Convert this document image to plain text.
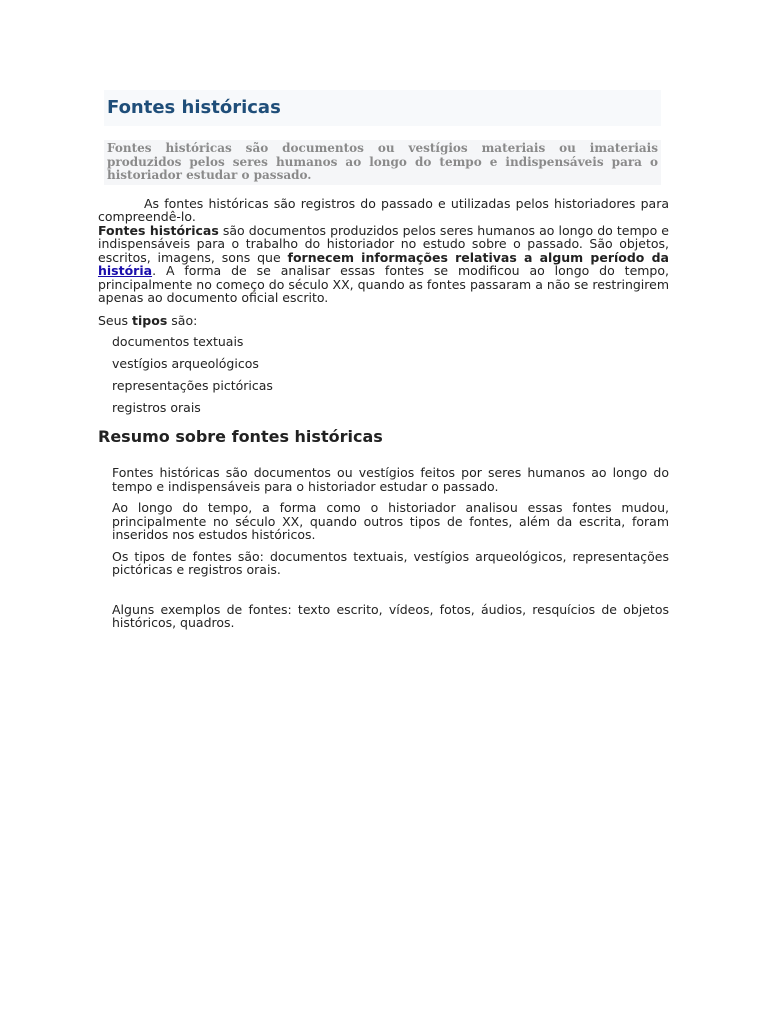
Fontes históricas
Fontes históricas são documentos ou vestígios materiais ou imateriais produzidos pelos seres humanos ao longo do tempo e indispensáveis para o historiador estudar o passado.

As fontes históricas são registros do passado e utilizadas pelos historiadores para compreendê-lo.

Fontes históricas são documentos produzidos pelos seres humanos ao longo do tempo e indispensáveis para o trabalho do historiador no estudo sobre o passado. São objetos, escritos, imagens, sons que fornecem informações relativas a algum período da história. A forma de se analisar essas fontes se modificou ao longo do tempo, principalmente no começo do século XX, quando as fontes passaram a não se restringirem apenas ao documento oficial escrito.

Seus tipos são:

documentos textuais
vestígios arqueológicos
representações pictóricas
registros orais
Resumo sobre fontes históricas

Fontes históricas são documentos ou vestígios feitos por seres humanos ao longo do tempo e indispensáveis para o historiador estudar o passado.

Ao longo do tempo, a forma como o historiador analisou essas fontes mudou, principalmente no século XX, quando outros tipos de fontes, além da escrita, foram inseridos nos estudos históricos.

Os tipos de fontes são: documentos textuais, vestígios arqueológicos, representações pictóricas e registros orais.

Alguns exemplos de fontes: texto escrito, vídeos, fotos, áudios, resquícios de objetos históricos, quadros.
